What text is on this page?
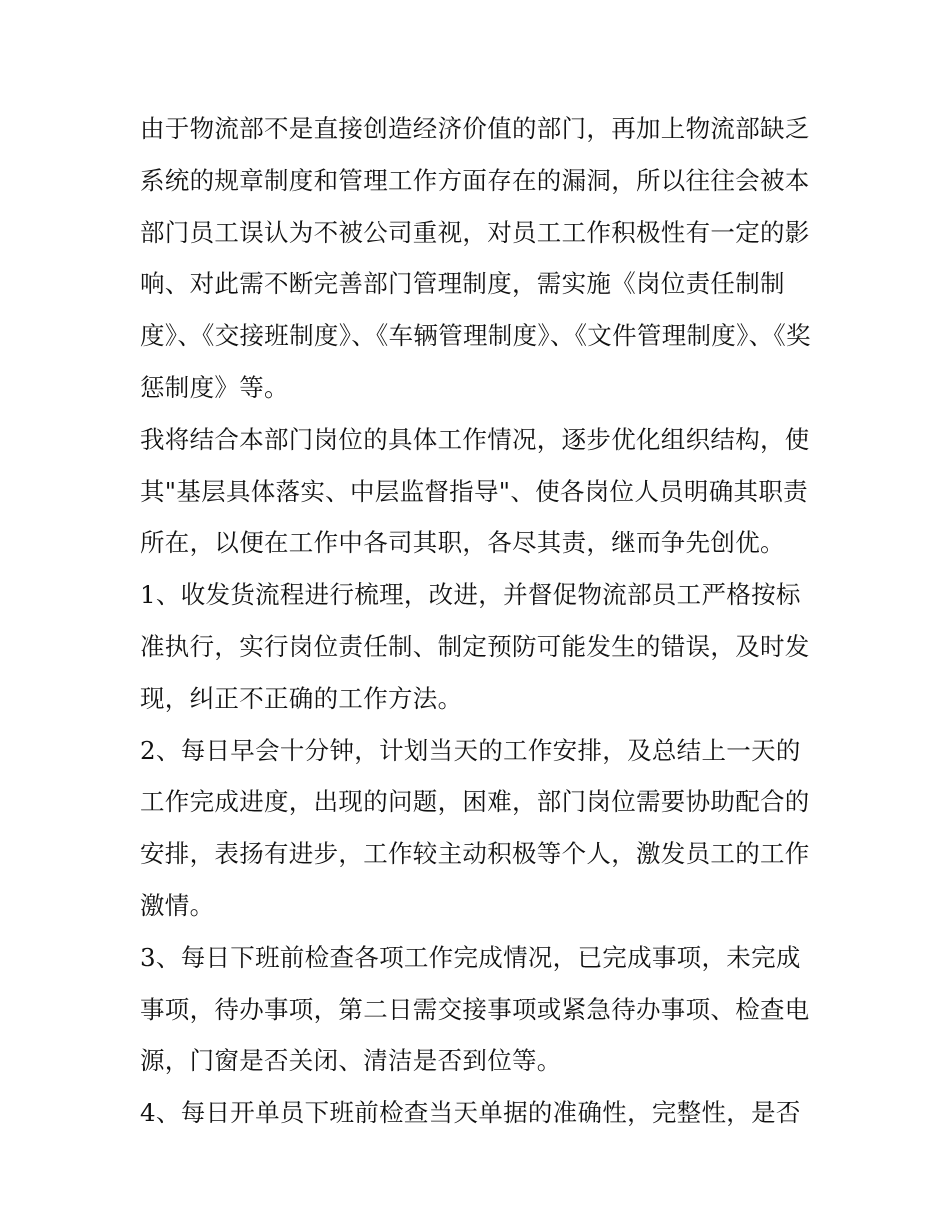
由于物流部不是直接创造经济价值的部门，再加上物流部缺乏系统的规章制度和管理工作方面存在的漏洞，所以往往会被本部门员工误认为不被公司重视，对员工工作积极性有一定的影响、对此需不断完善部门管理制度，需实施《岗位责任制制度》、《交接班制度》、《车辆管理制度》、《文件管理制度》、《奖惩制度》等。

我将结合本部门岗位的具体工作情况，逐步优化组织结构，使其"基层具体落实、中层监督指导"、使各岗位人员明确其职责所在，以便在工作中各司其职，各尽其责，继而争先创优。

1、收发货流程进行梳理，改进，并督促物流部员工严格按标准执行，实行岗位责任制、制定预防可能发生的错误，及时发现，纠正不正确的工作方法。

2、每日早会十分钟，计划当天的工作安排，及总结上一天的工作完成进度，出现的问题，困难，部门岗位需要协助配合的安排，表扬有进步，工作较主动积极等个人，激发员工的工作激情。

3、每日下班前检查各项工作完成情况，已完成事项，未完成事项，待办事项，第二日需交接事项或紧急待办事项、检查电源，门窗是否关闭、清洁是否到位等。

4、每日开单员下班前检查当天单据的准确性，完整性，是否
